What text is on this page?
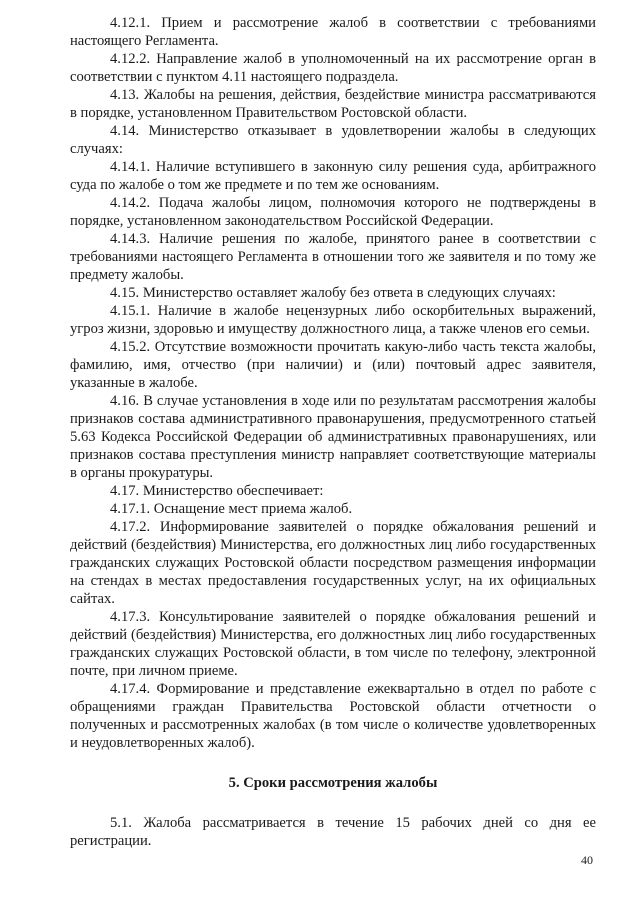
4.12.1. Прием и рассмотрение жалоб в соответствии с требованиями настоящего Регламента.

4.12.2. Направление жалоб в уполномоченный на их рассмотрение орган в соответствии с пунктом 4.11 настоящего подраздела.

4.13. Жалобы на решения, действия, бездействие министра рассматриваются в порядке, установленном Правительством Ростовской области.

4.14. Министерство отказывает в удовлетворении жалобы в следующих случаях:

4.14.1. Наличие вступившего в законную силу решения суда, арбитражного суда по жалобе о том же предмете и по тем же основаниям.

4.14.2. Подача жалобы лицом, полномочия которого не подтверждены в порядке, установленном законодательством Российской Федерации.

4.14.3. Наличие решения по жалобе, принятого ранее в соответствии с требованиями настоящего Регламента в отношении того же заявителя и по тому же предмету жалобы.

4.15. Министерство оставляет жалобу без ответа в следующих случаях:

4.15.1. Наличие в жалобе нецензурных либо оскорбительных выражений, угроз жизни, здоровью и имуществу должностного лица, а также членов его семьи.

4.15.2. Отсутствие возможности прочитать какую-либо часть текста жалобы, фамилию, имя, отчество (при наличии) и (или) почтовый адрес заявителя, указанные в жалобе.

4.16. В случае установления в ходе или по результатам рассмотрения жалобы признаков состава административного правонарушения, предусмотренного статьей 5.63 Кодекса Российской Федерации об административных правонарушениях, или признаков состава преступления министр направляет соответствующие материалы в органы прокуратуры.

4.17. Министерство обеспечивает:

4.17.1. Оснащение мест приема жалоб.

4.17.2. Информирование заявителей о порядке обжалования решений и действий (бездействия) Министерства, его должностных лиц либо государственных гражданских служащих Ростовской области посредством размещения информации на стендах в местах предоставления государственных услуг, на их официальных сайтах.

4.17.3. Консультирование заявителей о порядке обжалования решений и действий (бездействия) Министерства, его должностных лиц либо государственных гражданских служащих Ростовской области, в том числе по телефону, электронной почте, при личном приеме.

4.17.4. Формирование и представление ежеквартально в отдел по работе с обращениями граждан Правительства Ростовской области отчетности о полученных и рассмотренных жалобах (в том числе о количестве удовлетворенных и неудовлетворенных жалоб).

5. Сроки рассмотрения жалобы

5.1. Жалоба рассматривается в течение 15 рабочих дней со дня ее регистрации.

40
